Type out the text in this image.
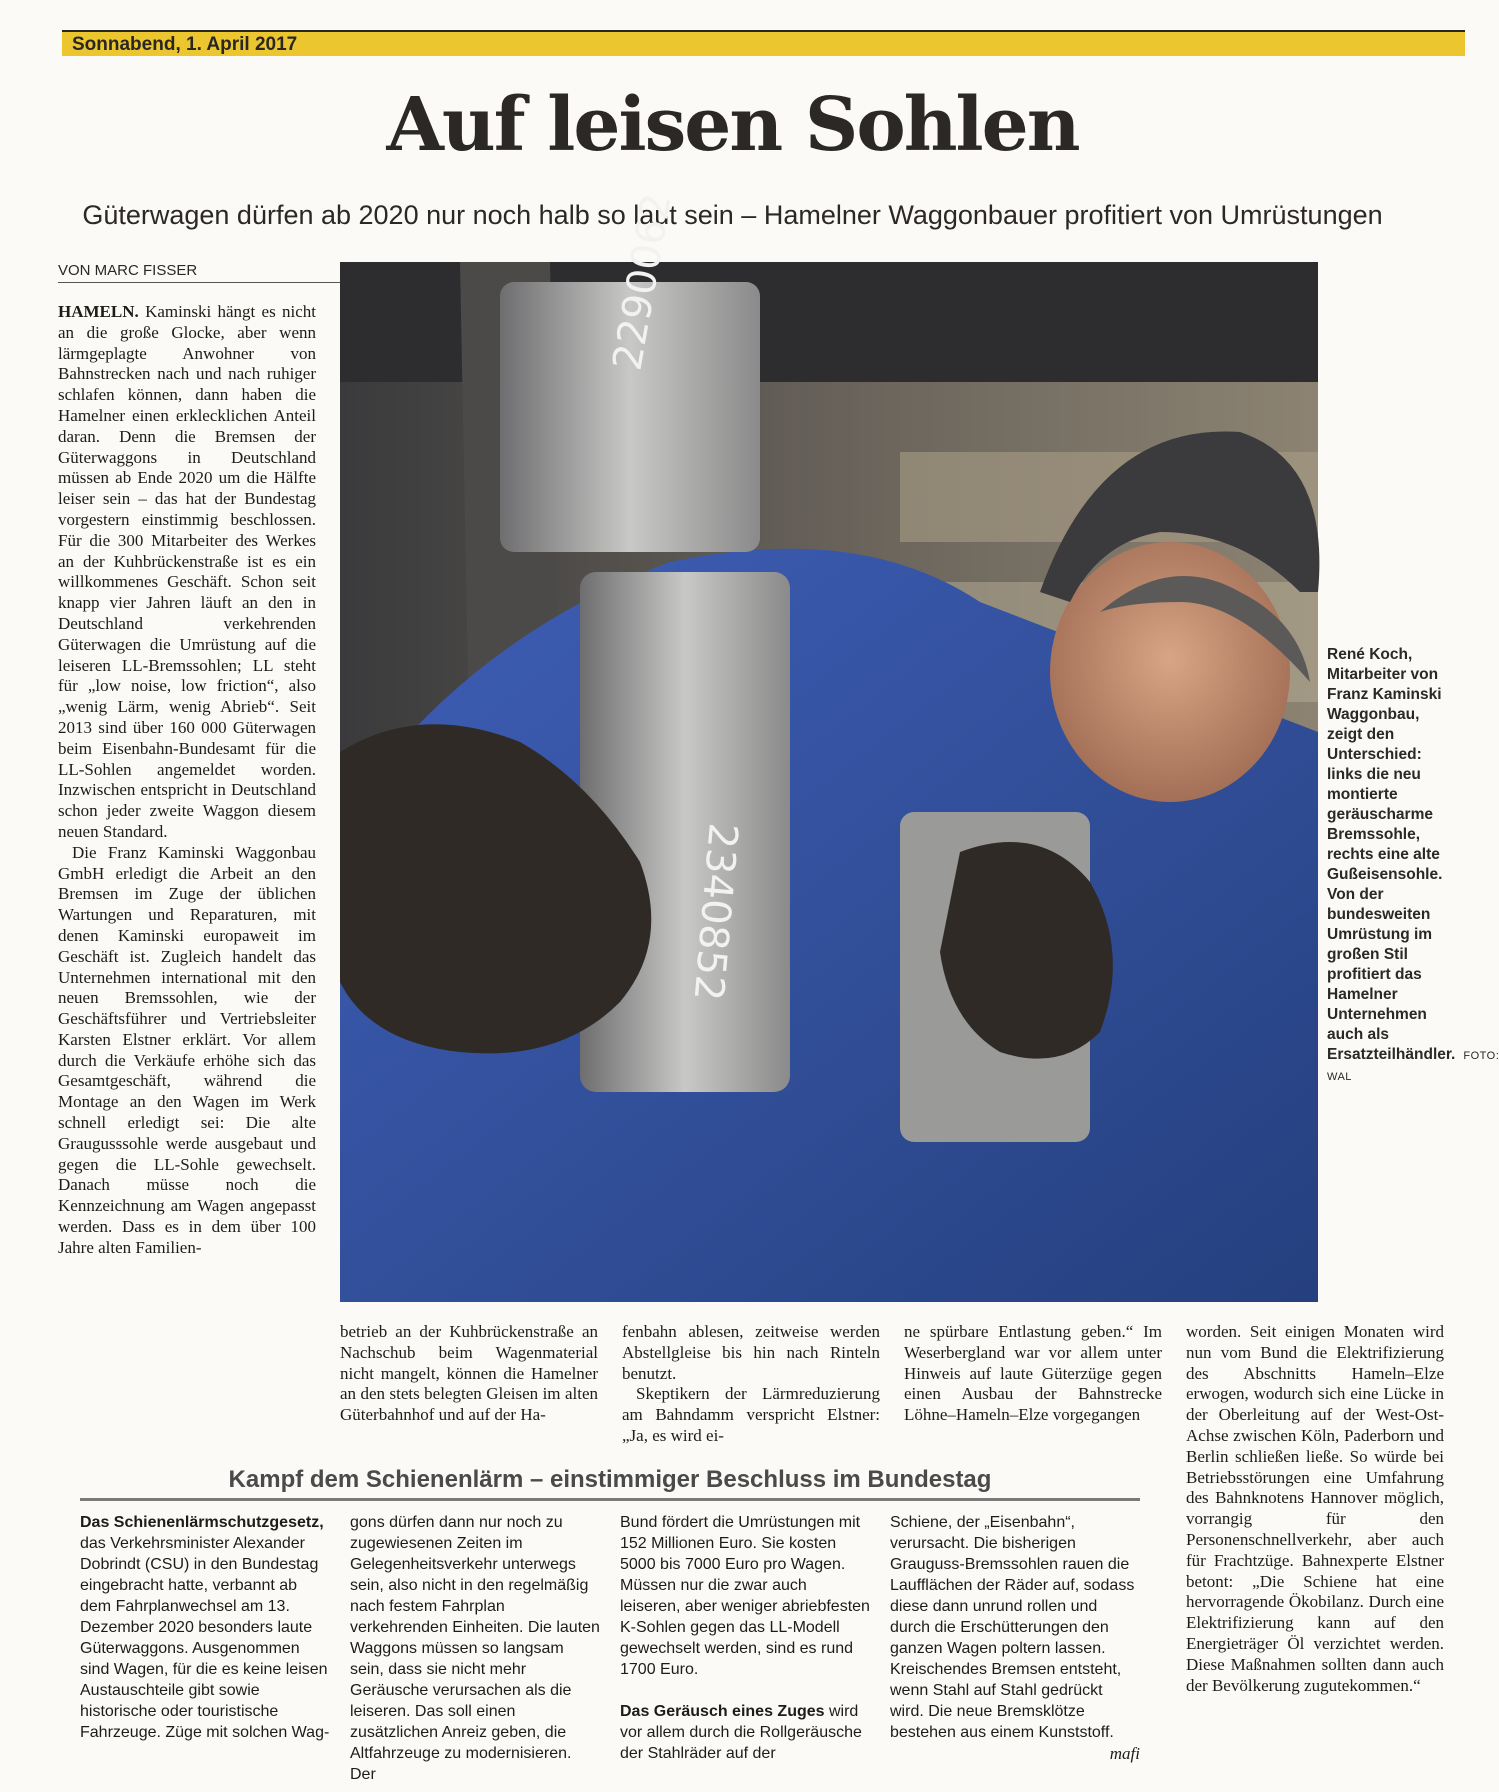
Sonnabend, 1. April 2017
Auf leisen Sohlen
Güterwagen dürfen ab 2020 nur noch halb so laut sein – Hamelner Waggonbauer profitiert von Umrüstungen
VON MARC FISSER

HAMELN. Kaminski hängt es nicht an die große Glocke, aber wenn lärmgeplagte Anwohner von Bahnstrecken nach und nach ruhiger schlafen können, dann haben die Hamelner einen erklecklichen Anteil daran. Denn die Bremsen der Güterwaggons in Deutschland müssen ab Ende 2020 um die Hälfte leiser sein – das hat der Bundestag vorgestern einstimmig beschlossen. Für die 300 Mitarbeiter des Werkes an der Kuhbrückenstraße ist es ein willkommenes Geschäft. Schon seit knapp vier Jahren läuft an den in Deutschland verkehrenden Güterwagen die Umrüstung auf die leiseren LL-Bremssohlen; LL steht für „low noise, low friction“, also „wenig Lärm, wenig Abrieb“. Seit 2013 sind über 160 000 Güterwagen beim Eisenbahn-Bundesamt für die LL-Sohlen angemeldet worden. Inzwischen entspricht in Deutschland schon jeder zweite Waggon diesem neuen Standard.

Die Franz Kaminski Waggonbau GmbH erledigt die Arbeit an den Bremsen im Zuge der üblichen Wartungen und Reparaturen, mit denen Kaminski europaweit im Geschäft ist. Zugleich handelt das Unternehmen international mit den neuen Bremssohlen, wie der Geschäftsführer und Vertriebsleiter Karsten Elstner erklärt. Vor allem durch die Verkäufe erhöhe sich das Gesamtgeschäft, während die Montage an den Wagen im Werk schnell erledigt sei: Die alte Graugusssohle werde ausgebaut und gegen die LL-Sohle gewechselt. Danach müsse noch die Kennzeichnung am Wagen angepasst werden. Dass es in dem über 100 Jahre alten Familien-

2290062
2340852
René Koch, Mitarbeiter von Franz Kaminski Waggonbau, zeigt den Unterschied: links die neu montierte geräuscharme Bremssohle, rechts eine alte Gußeisensohle. Von der bundesweiten Umrüstung im großen Stil profitiert das Hamelner Unternehmen auch als Ersatzteilhändler. FOTO: WAL

betrieb an der Kuhbrückenstraße an Nachschub beim Wagenmaterial nicht mangelt, können die Hamelner an den stets belegten Gleisen im alten Güterbahnhof und auf der Ha-

fenbahn ablesen, zeitweise werden Abstellgleise bis hin nach Rinteln benutzt.

Skeptikern der Lärmreduzierung am Bahndamm verspricht Elstner: „Ja, es wird ei-

ne spürbare Entlastung geben.“ Im Weserbergland war vor allem unter Hinweis auf laute Güterzüge gegen einen Ausbau der Bahnstrecke Löhne–Hameln–Elze vorgegangen

worden. Seit einigen Monaten wird nun vom Bund die Elektrifizierung des Abschnitts Hameln–Elze erwogen, wodurch sich eine Lücke in der Oberleitung auf der West-Ost-Achse zwischen Köln, Paderborn und Berlin schließen ließe. So würde bei Betriebsstörungen eine Umfahrung des Bahnknotens Hannover möglich, vorrangig für den Personenschnellverkehr, aber auch für Frachtzüge. Bahnexperte Elstner betont: „Die Schiene hat eine hervorragende Ökobilanz. Durch eine Elektrifizierung kann auf den Energieträger Öl verzichtet werden. Diese Maßnahmen sollten dann auch der Bevölkerung zugutekommen.“

Kampf dem Schienenlärm – einstimmiger Beschluss im Bundestag
Das Schienenlärmschutzgesetz, das Verkehrsminister Alexander Dobrindt (CSU) in den Bundestag eingebracht hatte, verbannt ab dem Fahrplanwechsel am 13. Dezember 2020 besonders laute Güterwaggons. Ausgenommen sind Wagen, für die es keine leisen Austauschteile gibt sowie historische oder touristische Fahrzeuge. Züge mit solchen Wag-
gons dürfen dann nur noch zu zugewiesenen Zeiten im Gelegenheitsverkehr unterwegs sein, also nicht in den regelmäßig nach festem Fahrplan verkehrenden Einheiten. Die lauten Waggons müssen so langsam sein, dass sie nicht mehr Geräusche verursachen als die leiseren. Das soll einen zusätzlichen Anreiz geben, die Altfahrzeuge zu modernisieren. Der
Bund fördert die Umrüstungen mit 152 Millionen Euro. Sie kosten 5000 bis 7000 Euro pro Wagen. Müssen nur die zwar auch leiseren, aber weniger abriebfesten K-Sohlen gegen das LL-Modell gewechselt werden, sind es rund 1700 Euro.
Das Geräusch eines Zuges wird vor allem durch die Rollgeräusche der Stahlräder auf der
Schiene, der „Eisenbahn“, verursacht. Die bisherigen Grauguss-Bremssohlen rauen die Laufflächen der Räder auf, sodass diese dann unrund rollen und durch die Erschütterungen den ganzen Wagen poltern lassen. Kreischendes Bremsen entsteht, wenn Stahl auf Stahl gedrückt wird. Die neue Bremsklötze bestehen aus einem Kunststoff.
mafi
